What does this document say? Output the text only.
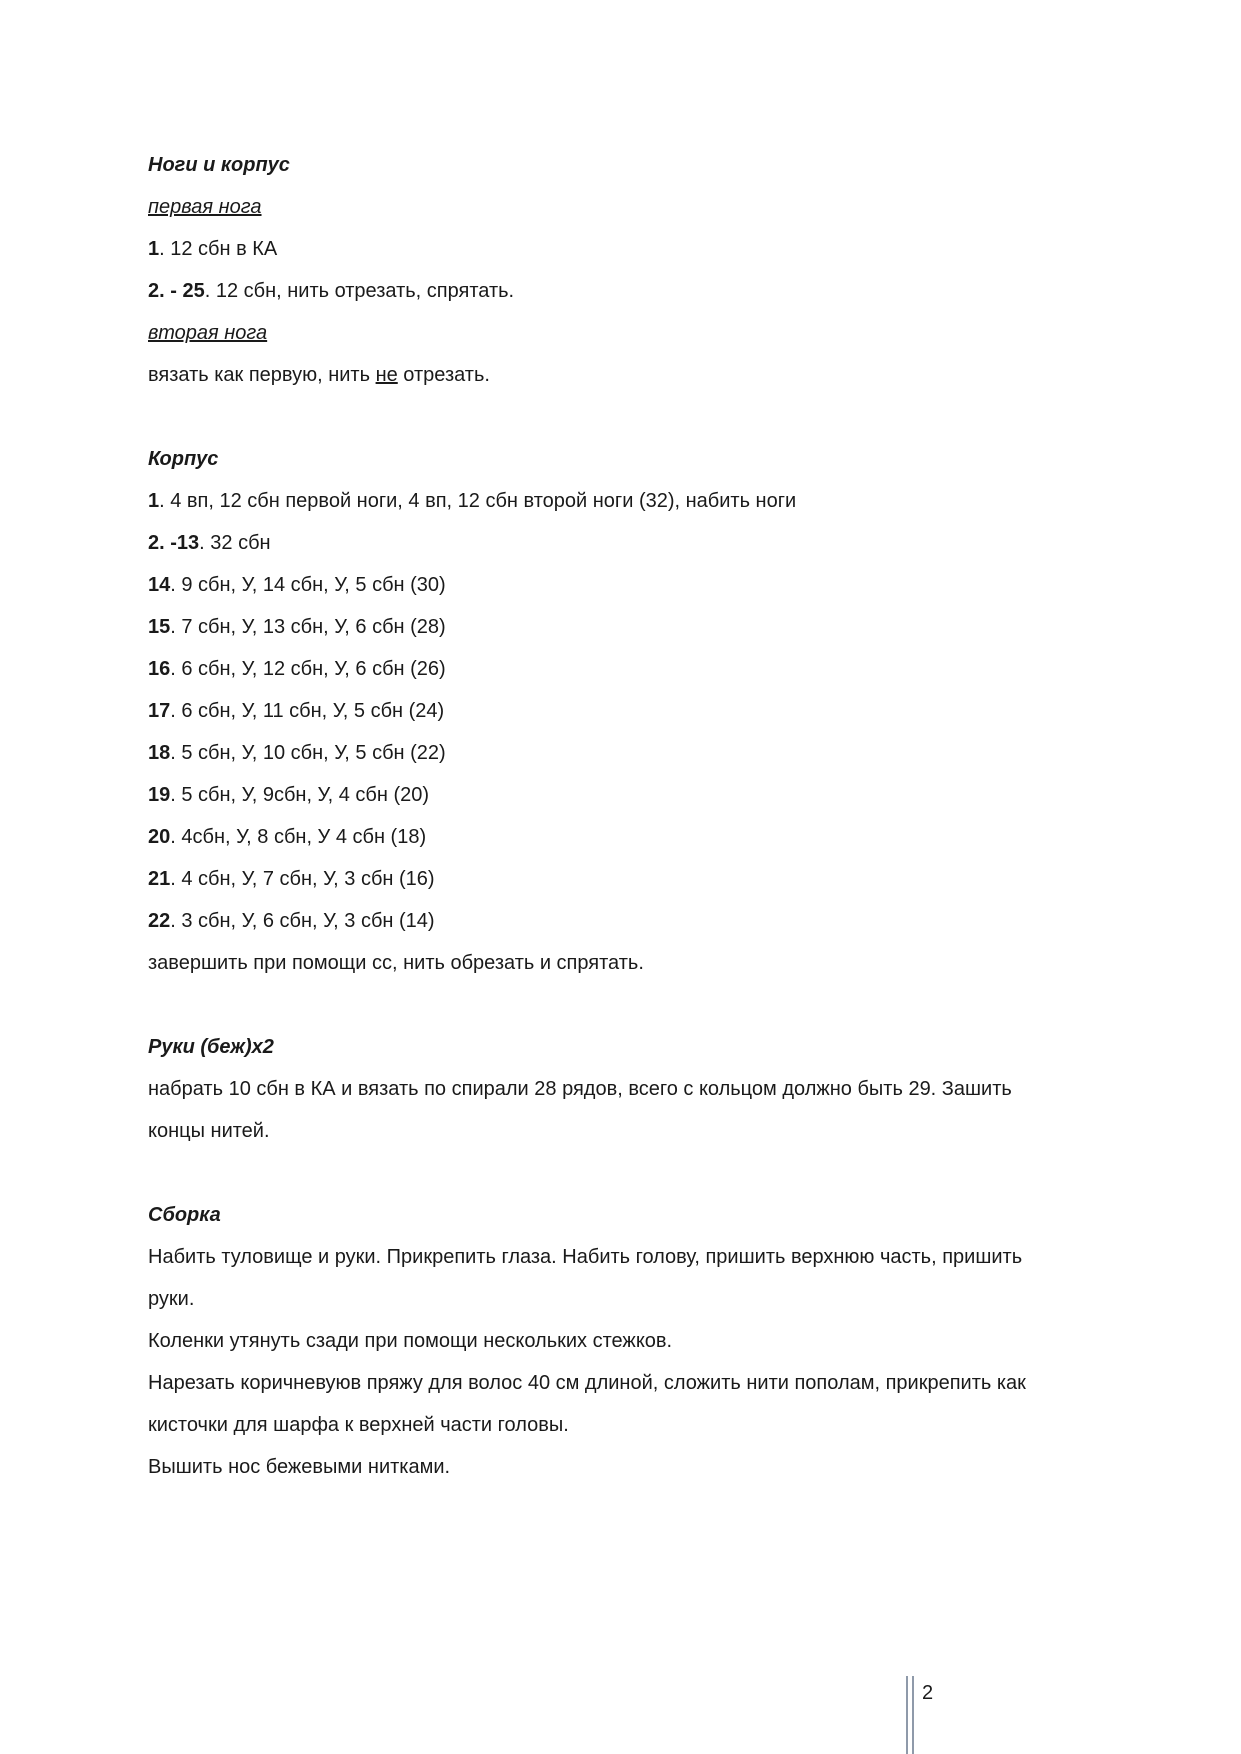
Ноги и корпус
первая нога
1. 12 сбн в КА
2. - 25. 12 сбн, нить отрезать, спрятать.
вторая нога
вязать как первую, нить не отрезать.
Корпус
1. 4 вп, 12 сбн первой ноги, 4 вп, 12 сбн второй ноги (32), набить ноги
2. -13. 32 сбн
14. 9 сбн, У, 14 сбн, У, 5 сбн (30)
15. 7 сбн, У, 13 сбн, У, 6 сбн (28)
16. 6 сбн, У, 12 сбн, У, 6 сбн (26)
17. 6 сбн, У, 11 сбн, У, 5 сбн (24)
18. 5 сбн, У, 10 сбн, У, 5 сбн (22)
19. 5 сбн, У, 9сбн, У, 4 сбн (20)
20. 4сбн, У, 8 сбн, У 4 сбн (18)
21. 4 сбн, У, 7 сбн, У, 3 сбн (16)
22. 3 сбн, У, 6 сбн, У, 3 сбн (14)
завершить при помощи сс, нить обрезать и спрятать.
Руки (беж)х2
набрать 10 сбн в КА и вязать по спирали 28 рядов, всего с кольцом должно быть 29. Зашить
концы нитей.
Сборка
Набить туловище и руки. Прикрепить глаза. Набить голову, пришить верхнюю часть, пришить
руки.
Коленки утянуть сзади при помощи нескольких стежков.
Нарезать коричневуюв пряжу для волос 40 см длиной, сложить нити пополам, прикрепить как
кисточки для шарфа к верхней части головы.
Вышить нос бежевыми нитками.
2
